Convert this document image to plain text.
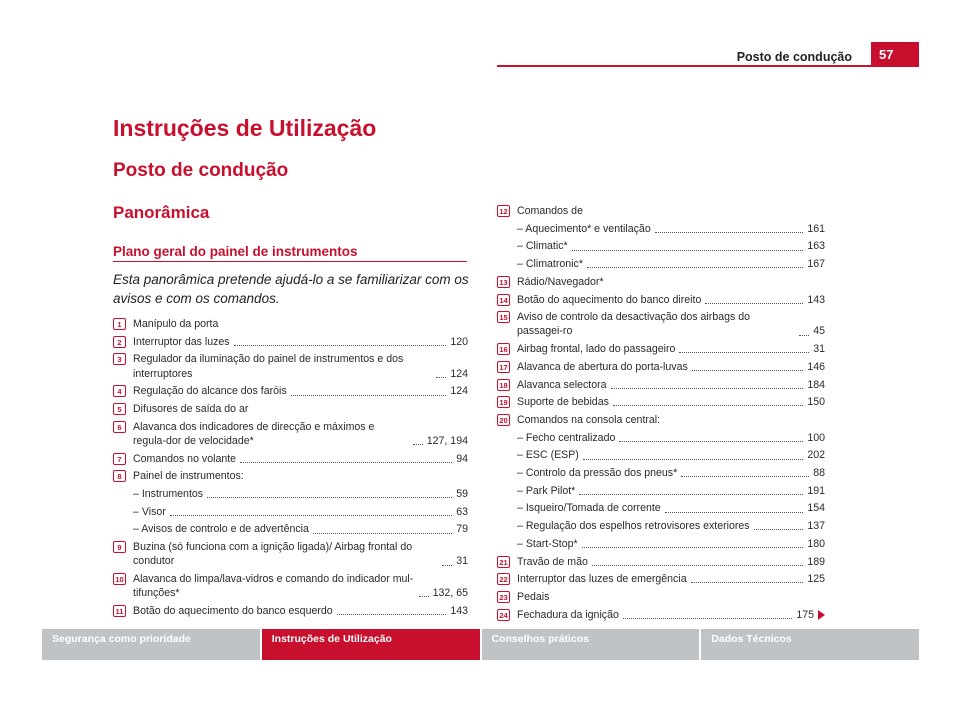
Posto de condução	57
Instruções de Utilização
Posto de condução
Panorâmica
Plano geral do painel de instrumentos
Esta panorâmica pretende ajudá-lo a se familiarizar com os avisos e com os comandos.
1	Manípulo da porta
2	Interruptor das luzes	120
3	Regulador da iluminação do painel de instrumentos e dos interruptores	124
4	Regulação do alcance dos faróis	124
5	Difusores de saída do ar
6	Alavanca dos indicadores de direcção e máximos e regula-dor de velocidade*	127, 194
7	Comandos no volante	94
8	Painel de instrumentos:
– Instrumentos	59
– Visor	63
– Avisos de controlo e de advertência	79
9	Buzina (só funciona com a ignição ligada)/ Airbag frontal do condutor	31
10 Alavanca do limpa/lava-vidros e comando do indicador mul-tifunções*	132, 65
11 Botão do aquecimento do banco esquerdo	143
12 Comandos de
– Aquecimento* e ventilação	161
– Climatic*	163
– Climatronic*	167
13 Rádio/Navegador*
14 Botão do aquecimento do banco direito	143
15 Aviso de controlo da desactivação dos airbags do passagei-ro	45
16 Airbag frontal, lado do passageiro	31
17 Alavanca de abertura do porta-luvas	146
18 Alavanca selectora	184
19 Suporte de bebidas	150
20 Comandos na consola central:
– Fecho centralizado	100
– ESC (ESP)	202
– Controlo da pressão dos pneus*	88
– Park Pilot*	191
– Isqueiro/Tomada de corrente	154
– Regulação dos espelhos retrovisores exteriores	137
– Start-Stop*	180
21 Travão de mão	189
22 Interruptor das luzes de emergência	125
23 Pedais
24 Fechadura da ignição	175
Segurança como prioridade	Instruções de Utilização	Conselhos práticos	Dados Técnicos
